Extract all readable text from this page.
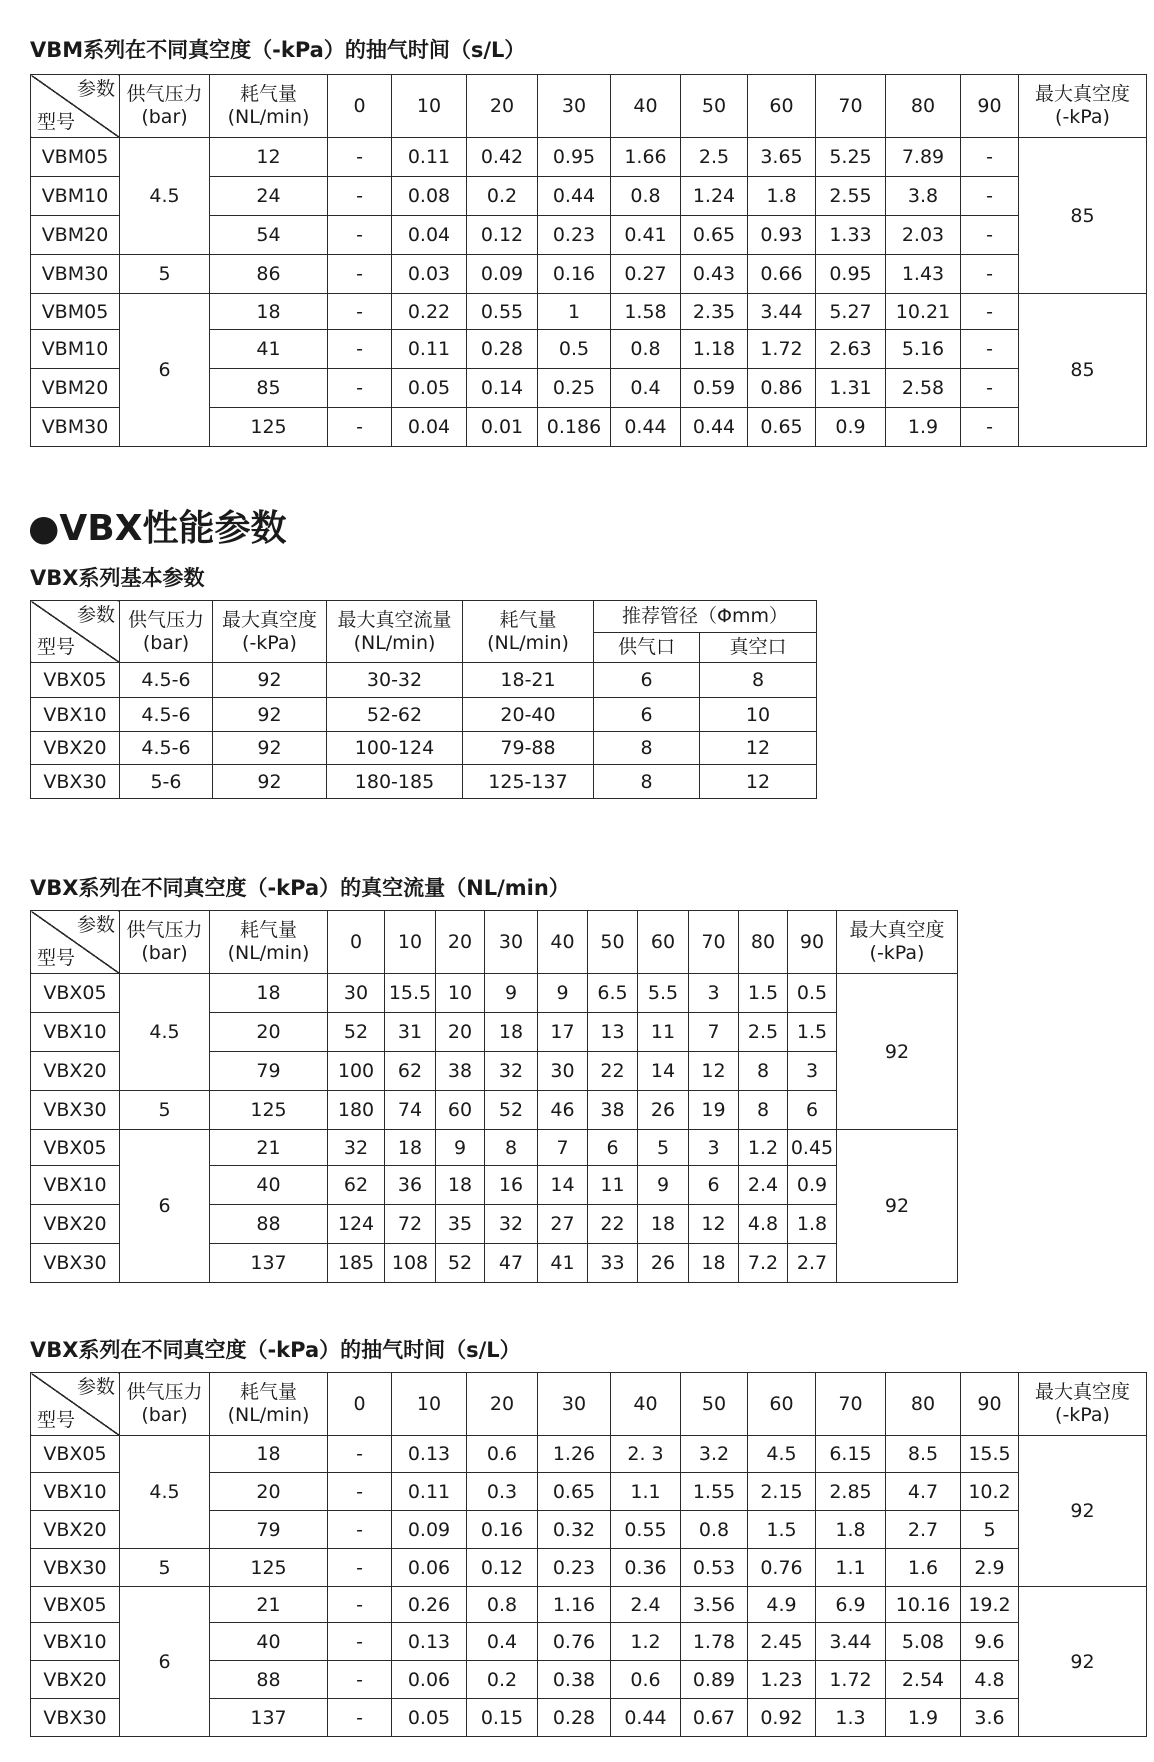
VBM系列在不同真空度（-kPa）的抽气时间（s/L）
参数
型号	供气压力
(bar)	耗气量
(NL/min)	0	10	20	30	40	50	60	70	80	90	最大真空度
(-kPa)

VBM05	4.5	12	-	0.11	0.42	0.95	1.66	2.5	3.65	5.25	7.89	-	85
VBM10		24	-	0.08	0.2	0.44	0.8	1.24	1.8	2.55	3.8	-	
VBM20		54	-	0.04	0.12	0.23	0.41	0.65	0.93	1.33	2.03	-	
VBM30	5	86	-	0.03	0.09	0.16	0.27	0.43	0.66	0.95	1.43	-	
VBM05	6	18	-	0.22	0.55	1	1.58	2.35	3.44	5.27	10.21	-	85
VBM10		41	-	0.11	0.28	0.5	0.8	1.18	1.72	2.63	5.16	-	
VBM20		85	-	0.05	0.14	0.25	0.4	0.59	0.86	1.31	2.58	-	
VBM30		125	-	0.04	0.01	0.186	0.44	0.44	0.65	0.9	1.9	-	
●VBX性能参数
VBX系列基本参数
参数
型号	供气压力
(bar)	最大真空度
(-kPa)	最大真空流量
(NL/min)	耗气量
(NL/min)	推荐管径（Φmm）	
					供气口	真空口
VBX05	4.5-6	92	30-32	18-21	6	8
VBX10	4.5-6	92	52-62	20-40	6	10
VBX20	4.5-6	92	100-124	79-88	8	12
VBX30	5-6	92	180-185	125-137	8	12
VBX系列在不同真空度（-kPa）的真空流量（NL/min）
参数
型号	供气压力
(bar)	耗气量
(NL/min)	0	10	20	30	40	50	60	70	80	90	最大真空度
(-kPa)

VBX05	4.5	18	30	15.5	10	9	9	6.5	5.5	3	1.5	0.5	92
VBX10		20	52	31	20	18	17	13	11	7	2.5	1.5	
VBX20		79	100	62	38	32	30	22	14	12	8	3	
VBX30	5	125	180	74	60	52	46	38	26	19	8	6	
VBX05	6	21	32	18	9	8	7	6	5	3	1.2	0.45	92
VBX10		40	62	36	18	16	14	11	9	6	2.4	0.9	
VBX20		88	124	72	35	32	27	22	18	12	4.8	1.8	
VBX30		137	185	108	52	47	41	33	26	18	7.2	2.7	
VBX系列在不同真空度（-kPa）的抽气时间（s/L）
参数
型号	供气压力
(bar)	耗气量
(NL/min)	0	10	20	30	40	50	60	70	80	90	最大真空度
(-kPa)

VBX05	4.5	18	-	0.13	0.6	1.26	2. 3	3.2	4.5	6.15	8.5	15.5	92
VBX10		20	-	0.11	0.3	0.65	1.1	1.55	2.15	2.85	4.7	10.2	
VBX20		79	-	0.09	0.16	0.32	0.55	0.8	1.5	1.8	2.7	5	
VBX30	5	125	-	0.06	0.12	0.23	0.36	0.53	0.76	1.1	1.6	2.9	
VBX05	6	21	-	0.26	0.8	1.16	2.4	3.56	4.9	6.9	10.16	19.2	92
VBX10		40	-	0.13	0.4	0.76	1.2	1.78	2.45	3.44	5.08	9.6	
VBX20		88	-	0.06	0.2	0.38	0.6	0.89	1.23	1.72	2.54	4.8	
VBX30		137	-	0.05	0.15	0.28	0.44	0.67	0.92	1.3	1.9	3.6	
